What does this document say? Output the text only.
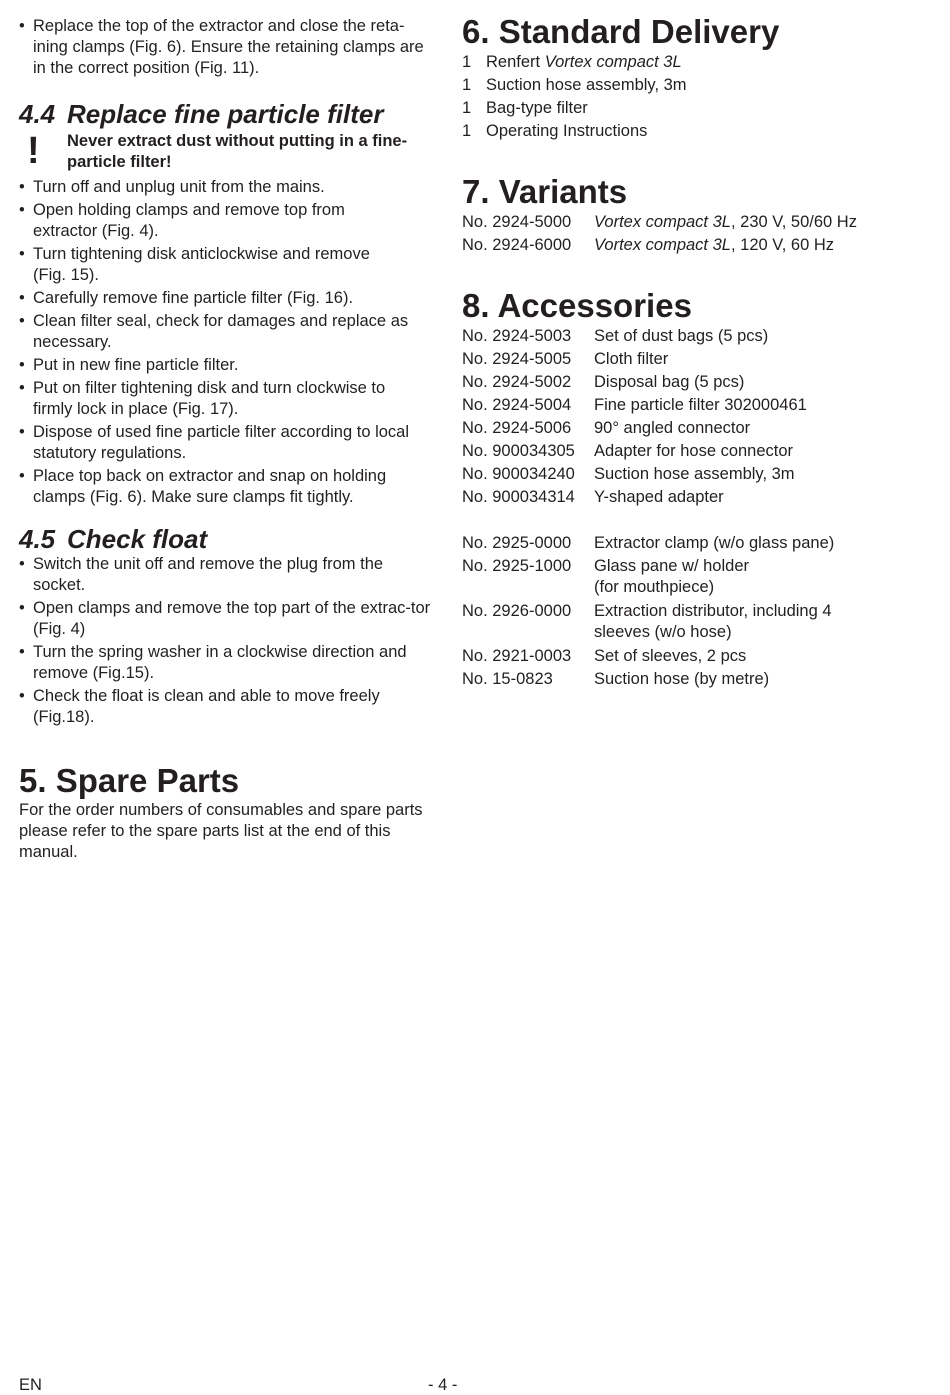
• Replace the top of the extractor and close the reta-ining clamps (Fig. 6). Ensure the retaining clamps are in the correct position (Fig. 11).
4.4 Replace fine particle filter
! Never extract dust without putting in a fine-particle filter!
• Turn off and unplug unit from the mains.
• Open holding clamps and remove top from extractor (Fig. 4).
• Turn tightening disk anticlockwise and remove (Fig. 15).
• Carefully remove fine particle filter (Fig. 16).
• Clean filter seal, check for damages and replace as necessary.
• Put in new fine particle filter.
• Put on filter tightening disk and turn clockwise to firmly lock in place (Fig. 17).
• Dispose of used fine particle filter according to local statutory regulations.
• Place top back on extractor and snap on holding clamps (Fig. 6). Make sure clamps fit tightly.
4.5 Check float
• Switch the unit off and remove the plug from the socket.
• Open clamps and remove the top part of the extrac-tor (Fig. 4)
• Turn the spring washer in a clockwise direction and remove (Fig.15).
• Check the float is clean and able to move freely (Fig.18).
5. Spare Parts

For the order numbers of consumables and spare parts please refer to the spare parts list at the end of this manual.

6. Standard Delivery
1 Renfert Vortex compact 3L
1 Suction hose assembly, 3m
1 Bag-type filter
1 Operating Instructions
7. Variants
No. 2924-5000	Vortex compact 3L, 230 V, 50/60 Hz
No. 2924-6000	Vortex compact 3L, 120 V, 60 Hz
8. Accessories
No. 2924-5003	Set of dust bags (5 pcs)
No. 2924-5005	Cloth filter
No. 2924-5002	Disposal bag (5 pcs)
No. 2924-5004	Fine particle filter 302000461
No. 2924-5006	90° angled connector
No. 900034305	Adapter for hose connector
No. 900034240	Suction hose assembly, 3m
No. 900034314	Y-shaped adapter
No. 2925-0000	Extractor clamp (w/o glass pane)
No. 2925-1000	Glass pane w/ holder (for mouthpiece)
No. 2926-0000	Extraction distributor, including 4 sleeves (w/o hose)
No. 2921-0003	Set of sleeves, 2 pcs
No. 15-0823	Suction hose (by metre)
EN	- 4 -
